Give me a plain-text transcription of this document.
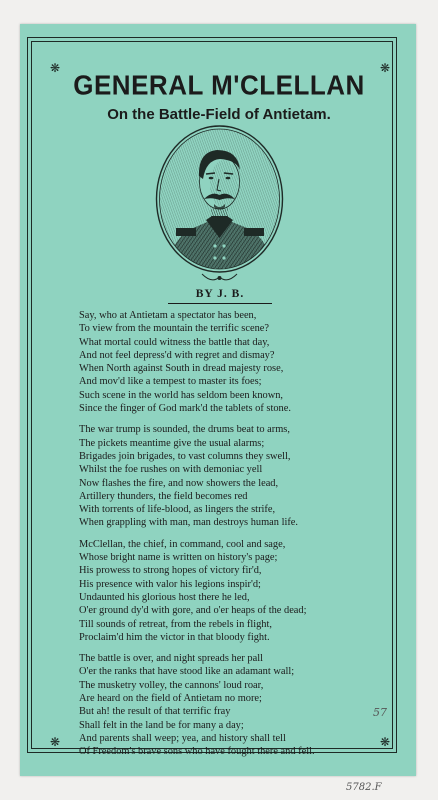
❋	❋
❋	❋
GENERAL M'CLELLAN
On the Battle-Field of Antietam.
BY J. B.
Say, who at Antietam a spectator has been,
To view from the mountain the terrific scene?
What mortal could witness the battle that day,
And not feel depress'd with regret and dismay?
When North against South in dread majesty rose,
And mov'd like a tempest to master its foes;
Such scene in the world has seldom been known,
Since the finger of God mark'd the tablets of stone.
The war trump is sounded, the drums beat to arms,
The pickets meantime give the usual alarms;
Brigades join brigades, to vast columns they swell,
Whilst the foe rushes on with demoniac yell
Now flashes the fire, and now showers the lead,
Artillery thunders, the field becomes red
With torrents of life-blood, as lingers the strife,
When grappling with man, man destroys human life.
McClellan, the chief, in command, cool and sage,
Whose bright name is written on history's page;
His prowess to strong hopes of victory fir'd,
His presence with valor his legions inspir'd;
Undaunted his glorious host there he led,
O'er ground dy'd with gore, and o'er heaps of the dead;
Till sounds of retreat, from the rebels in flight,
Proclaim'd him the victor in that bloody fight.
The battle is over, and night spreads her pall
O'er the ranks that have stood like an adamant wall;
The musketry volley, the cannons' loud roar,
Are heard on the field of Antietam no more;
But ah! the result of that terrific fray
Shall felt in the land be for many a day;
And parents shall weep; yea, and history shall tell
Of Freedom's brave sons who have fought there and fell.
57
5782.F
